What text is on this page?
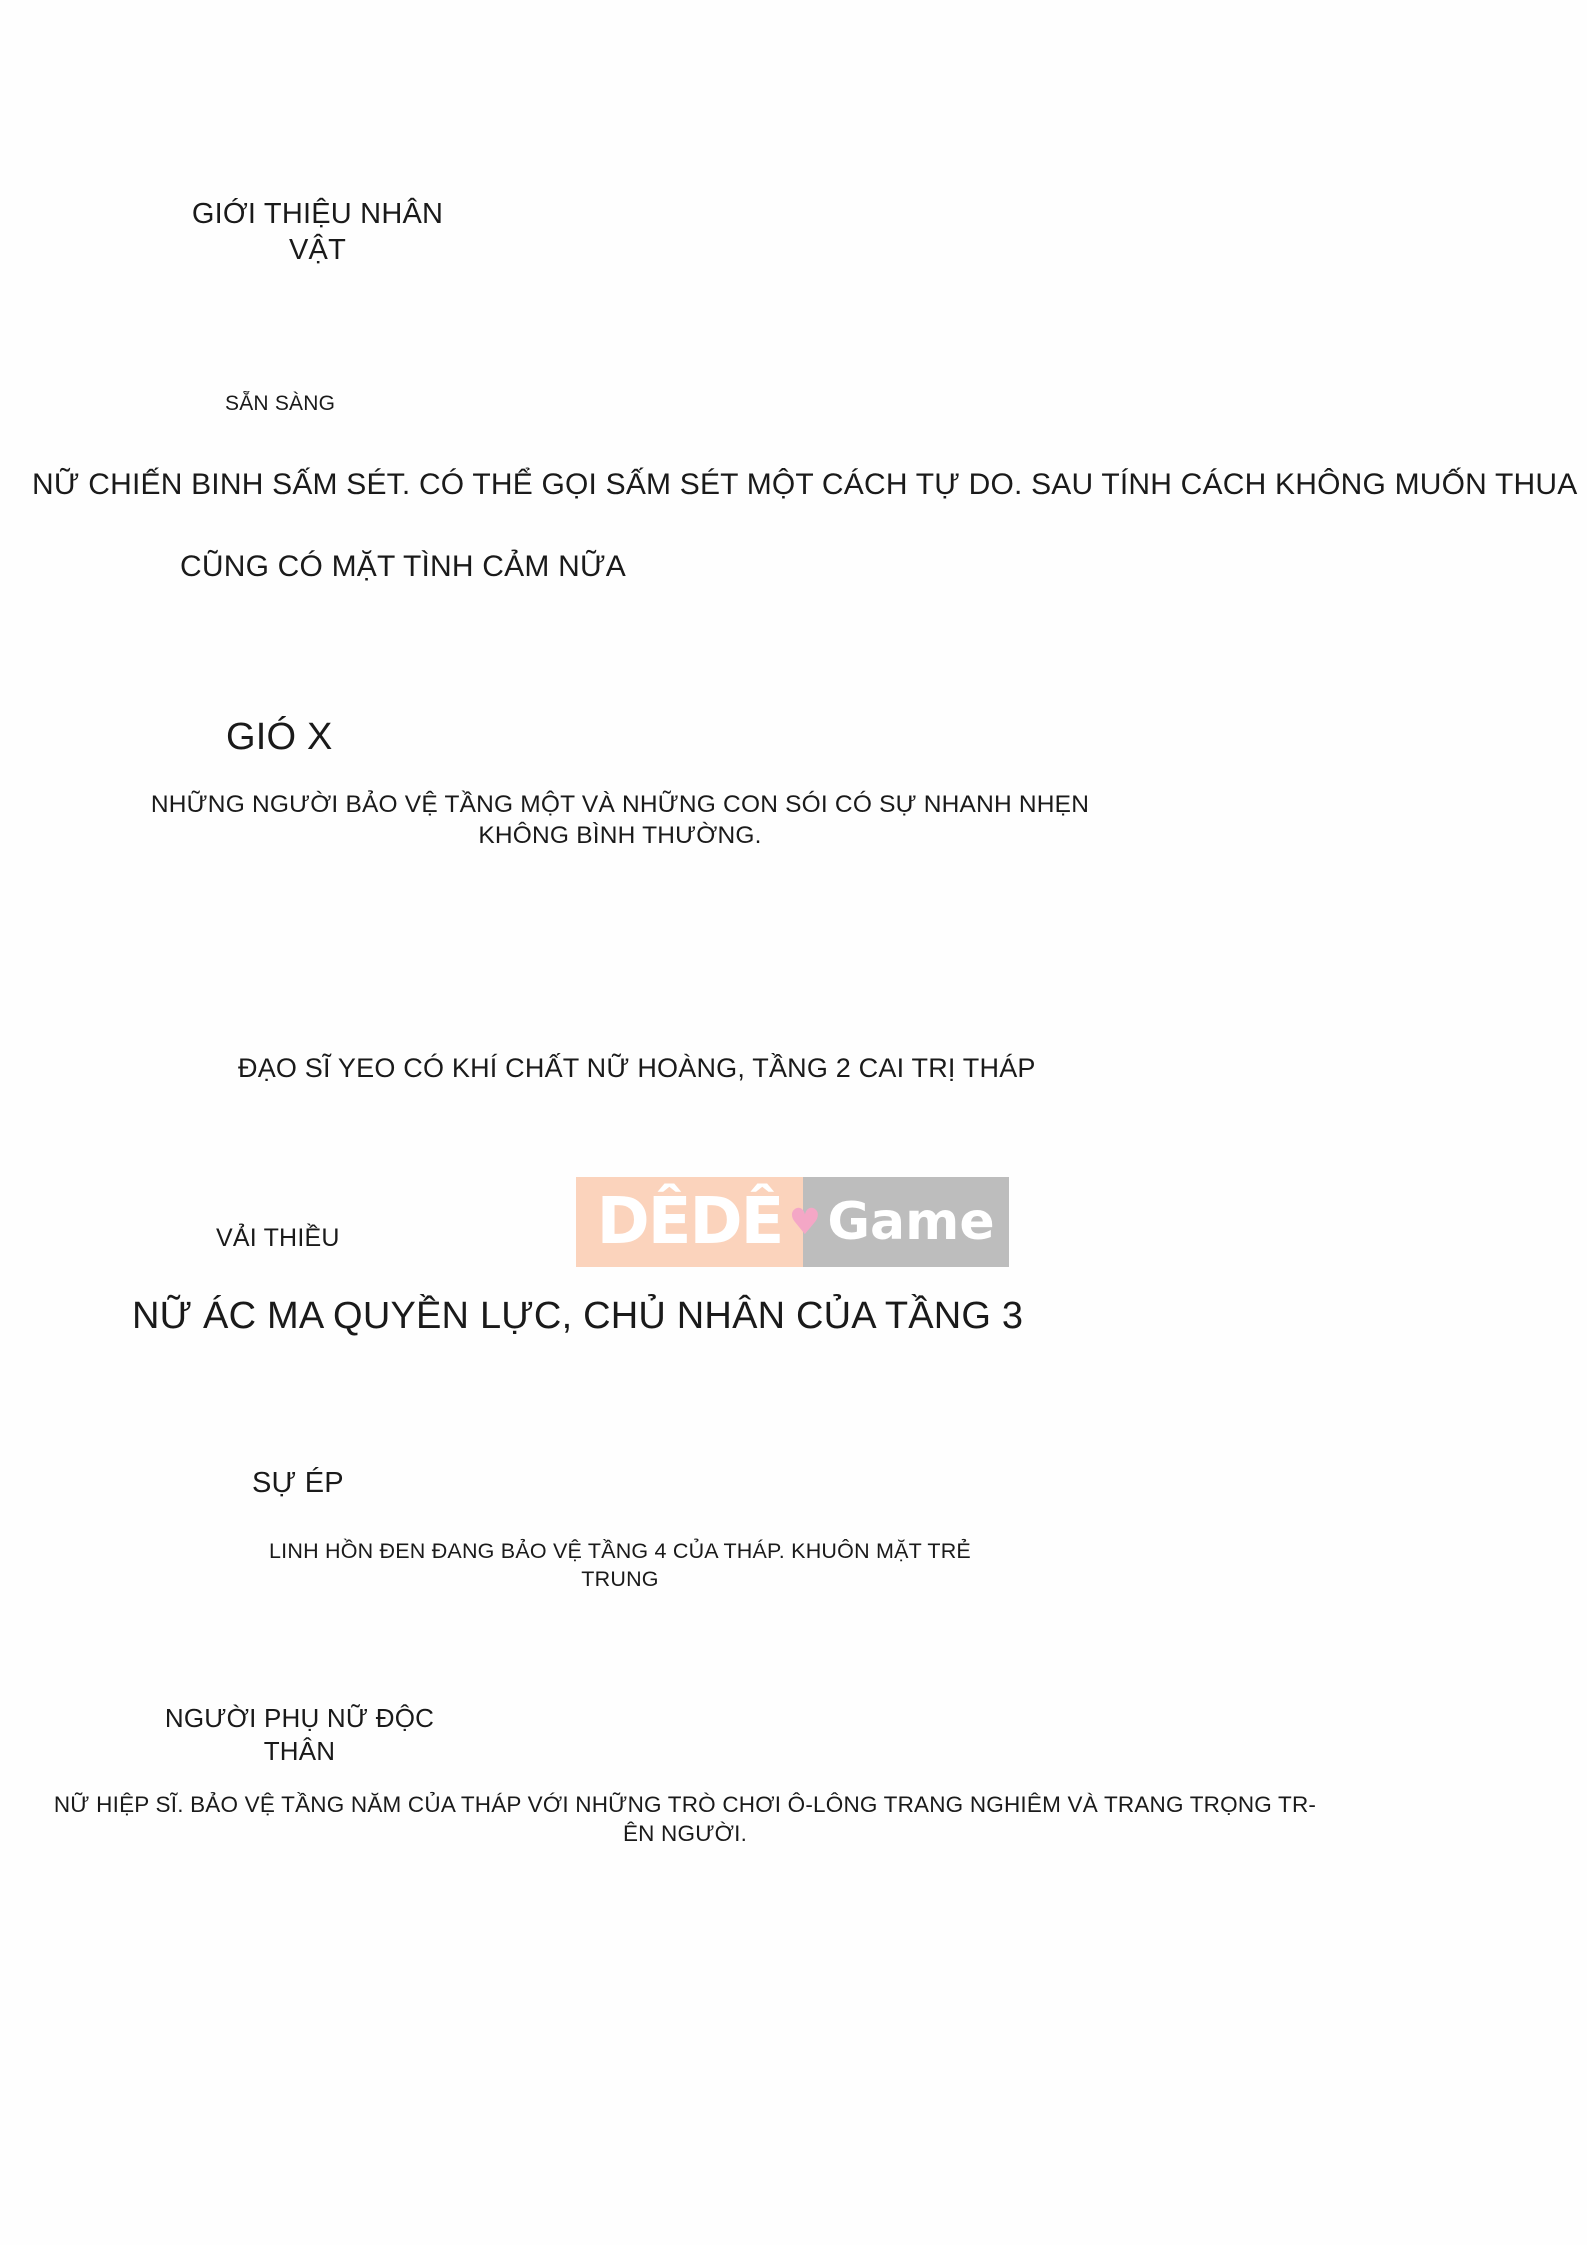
GIỚI THIỆU NHÂN VẬT
SẴN SÀNG
NỮ CHIẾN BINH SẤM SÉT. CÓ THỂ GỌI SẤM SÉT MỘT CÁCH TỰ DO. SAU TÍNH CÁCH KHÔNG MUỐN THUA
CŨNG CÓ MẶT TÌNH CẢM NỮA
GIÓ X
NHỮNG NGƯỜI BẢO VỆ TẦNG MỘT VÀ NHỮNG CON SÓI CÓ SỰ NHANH NHẸN KHÔNG BÌNH THƯỜNG.
ĐẠO SĨ YEO CÓ KHÍ CHẤT NỮ HOÀNG, TẦNG 2 CAI TRỊ THÁP
VẢI THIỀU	DÊDÊ ♥ Game
NỮ ÁC MA QUYỀN LỰC, CHỦ NHÂN CỦA TẦNG 3
SỰ ÉP
LINH HỒN ĐEN ĐANG BẢO VỆ TẦNG 4 CỦA THÁP. KHUÔN MẶT TRẺ TRUNG
NGƯỜI PHỤ NỮ ĐỘC THÂN
NỮ HIỆP SĨ. BẢO VỆ TẦNG NĂM CỦA THÁP VỚI NHỮNG TRÒ CHƠI Ô-LÔNG TRANG NGHIÊM VÀ TRANG TRỌNG TR- ÊN NGƯỜI.
